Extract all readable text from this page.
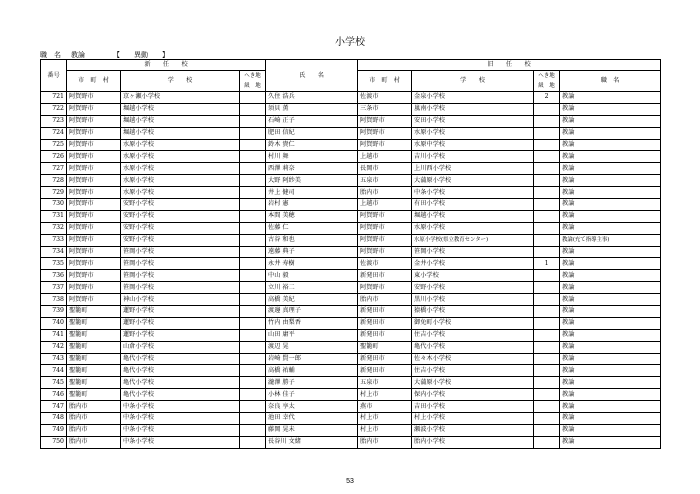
小学校
職　名 教論	【 異動 】
番号	新　　任　　校			氏　　名	旧　　任　　校			
	市　町　村	学　　校	へき地
級　地		市　町　村	学　　校	へき地
級　地	職　名
721	阿賀野市	京ヶ瀬小学校		久住 浩兵	佐渡市	金泉小学校	2	教論
722	阿賀野市	堀越小学校		須貝 薫	三条市	嵐南小学校		教論
723	阿賀野市	堀越小学校		石崎 正子	阿賀野市	安田小学校		教論
724	阿賀野市	堀越小学校		肥田 信紀	阿賀野市	水原小学校		教論
725	阿賀野市	水原小学校		鈴木 貴仁	阿賀野市	水原中学校		教論
726	阿賀野市	水原小学校		村川 舞	上越市	吉川小学校		教論
727	阿賀野市	水原小学校		西澤 莉奈	長岡市	上川西小学校		教論
728	阿賀野市	水原小学校		大野 阿紗美	五泉市	大蒲原小学校		教論
729	阿賀野市	水原小学校		井上 健司	胎内市	中条小学校		教論
730	阿賀野市	安野小学校		岩村 憲	上越市	有田小学校		教論
731	阿賀野市	安野小学校		本間 美穂	阿賀野市	堀越小学校		教論
732	阿賀野市	安野小学校		佐藤 仁	阿賀野市	水原小学校		教論
733	阿賀野市	安野小学校		古谷 和也	阿賀野市	水原小学校(県立教育センター)		教論(充て指導主事)
734	阿賀野市	笹岡小学校		遠藤 典子	阿賀野市	笹岡小学校		教論
735	阿賀野市	笹岡小学校		永井 寿樹	佐渡市	金井小学校	1	教論
736	阿賀野市	笹岡小学校		中山 毅	新発田市	東小学校		教論
737	阿賀野市	笹岡小学校		立川 裕二	阿賀野市	安野小学校		教論
738	阿賀野市	神山小学校		高橋 美紀	胎内市	黒川小学校		教論
739	聖籠町	蓮野小学校		渡邊 真理子	新発田市	猿橋小学校		教論
740	聖籠町	蓮野小学校		竹内 由梨香	新発田市	御免町小学校		教論
741	聖籠町	蓮野小学校		山田 庸平	新発田市	住吉小学校		教論
742	聖籠町	山倉小学校		渡辺 晃	聖籠町	亀代小学校		教論
743	聖籠町	亀代小学校		岩崎 賢一郎	新発田市	佐々木小学校		教論
744	聖籠町	亀代小学校		高橋 祐輔	新発田市	住吉小学校		教論
745	聖籠町	亀代小学校		瀧澤 勝子	五泉市	大蒲原小学校		教論
746	聖籠町	亀代小学校		小林 佳子	村上市	保内小学校		教論
747	胎内市	中条小学校		奈良 享太	燕市	吉田小学校		教論
748	胎内市	中条小学校		池田 幸代	村上市	村上小学校		教論
749	胎内市	中条小学校		藤岡 晃未	村上市	瀬波小学校		教論
750	胎内市	中条小学校		長谷川 文緒	胎内市	胎内小学校		教論
53
